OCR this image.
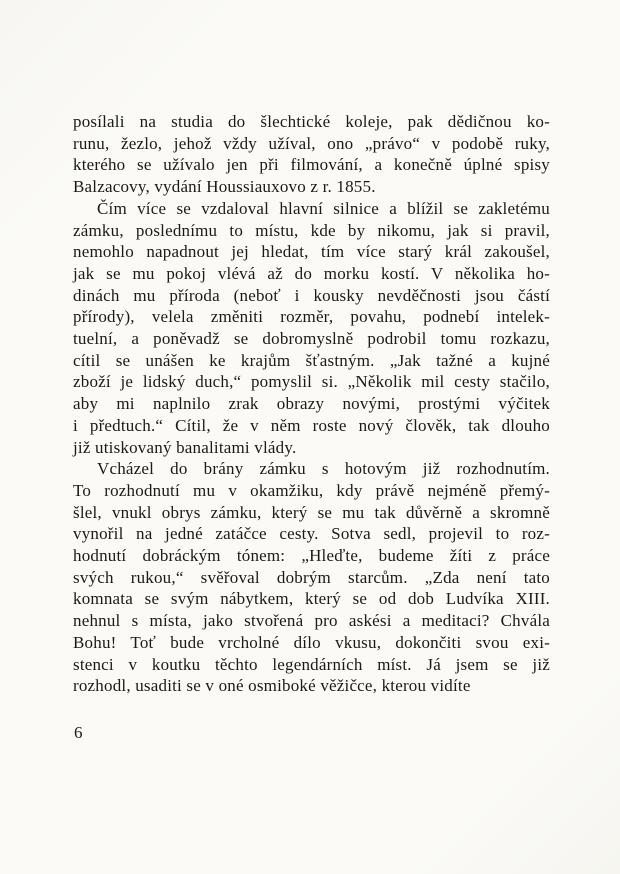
posílali na studia do šlechtické koleje, pak dědičnou ko-
runu, žezlo, jehož vždy užíval, ono „právo“ v podobě ruky,
kterého se užívalo jen při filmování, a konečně úplné spisy
Balzacovy, vydání Houssiauxovo z r. 1855.

Čím více se vzdaloval hlavní silnice a blížil se zakletému
zámku, poslednímu to místu, kde by nikomu, jak si pravil,
nemohlo napadnout jej hledat, tím více starý král zakoušel,
jak se mu pokoj vlévá až do morku kostí. V několika ho-
dinách mu příroda (neboť i kousky nevděčnosti jsou částí
přírody), velela změniti rozměr, povahu, podnebí intelek-
tuelní, a poněvadž se dobromyslně podrobil tomu rozkazu,
cítil se unášen ke krajům šťastným. „Jak tažné a kujné
zboží je lidský duch,“ pomyslil si. „Několik mil cesty stačilo,
aby mi naplnilo zrak obrazy novými, prostými výčitek
i předtuch.“ Cítil, že v něm roste nový člověk, tak dlouho
již utiskovaný banalitami vlády.

Vcházel do brány zámku s hotovým již rozhodnutím.
To rozhodnutí mu v okamžiku, kdy právě nejméně přemý-
šlel, vnukl obrys zámku, který se mu tak důvěrně a skromně
vynořil na jedné zatáčce cesty. Sotva sedl, projevil to roz-
hodnutí dobráckým tónem: „Hleďte, budeme žíti z práce
svých rukou,“ svěřoval dobrým starcům. „Zda není tato
komnata se svým nábytkem, který se od dob Ludvíka XIII.
nehnul s místa, jako stvořená pro askési a meditaci? Chvála
Bohu! Toť bude vrcholné dílo vkusu, dokončiti svou exi-
stenci v koutku těchto legendárních míst. Já jsem se již
rozhodl, usaditi se v oné osmiboké věžičce, kterou vidíte

6
